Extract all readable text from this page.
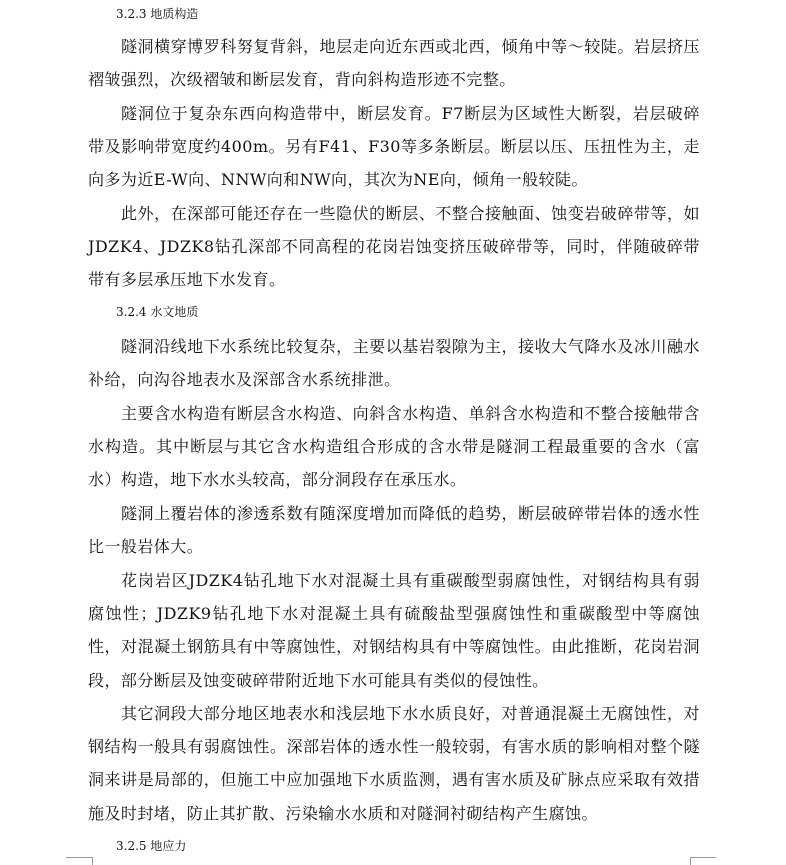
3.2.3 地质构造

隧洞横穿博罗科努复背斜，地层走向近东西或北西，倾角中等～较陡。岩层挤压褶皱强烈，次级褶皱和断层发育，背向斜构造形迹不完整。

隧洞位于复杂东西向构造带中，断层发育。F7断层为区域性大断裂，岩层破碎带及影响带宽度约400m。另有F41、F30等多条断层。断层以压、压扭性为主，走向多为近E-W向、NNW向和NW向，其次为NE向，倾角一般较陡。

此外，在深部可能还存在一些隐伏的断层、不整合接触面、蚀变岩破碎带等，如JDZK4、JDZK8钻孔深部不同高程的花岗岩蚀变挤压破碎带等，同时，伴随破碎带带有多层承压地下水发育。

3.2.4 水文地质

隧洞沿线地下水系统比较复杂，主要以基岩裂隙为主，接收大气降水及冰川融水补给，向沟谷地表水及深部含水系统排泄。

主要含水构造有断层含水构造、向斜含水构造、单斜含水构造和不整合接触带含水构造。其中断层与其它含水构造组合形成的含水带是隧洞工程最重要的含水（富水）构造，地下水水头较高，部分洞段存在承压水。

隧洞上覆岩体的渗透系数有随深度增加而降低的趋势，断层破碎带岩体的透水性比一般岩体大。

花岗岩区JDZK4钻孔地下水对混凝土具有重碳酸型弱腐蚀性，对钢结构具有弱腐蚀性；JDZK9钻孔地下水对混凝土具有硫酸盐型强腐蚀性和重碳酸型中等腐蚀性，对混凝土钢筋具有中等腐蚀性，对钢结构具有中等腐蚀性。由此推断，花岗岩洞段，部分断层及蚀变破碎带附近地下水可能具有类似的侵蚀性。

其它洞段大部分地区地表水和浅层地下水水质良好，对普通混凝土无腐蚀性，对钢结构一般具有弱腐蚀性。深部岩体的透水性一般较弱，有害水质的影响相对整个隧洞来讲是局部的，但施工中应加强地下水质监测，遇有害水质及矿脉点应采取有效措施及时封堵，防止其扩散、污染输水水质和对隧洞衬砌结构产生腐蚀。

3.2.5 地应力
